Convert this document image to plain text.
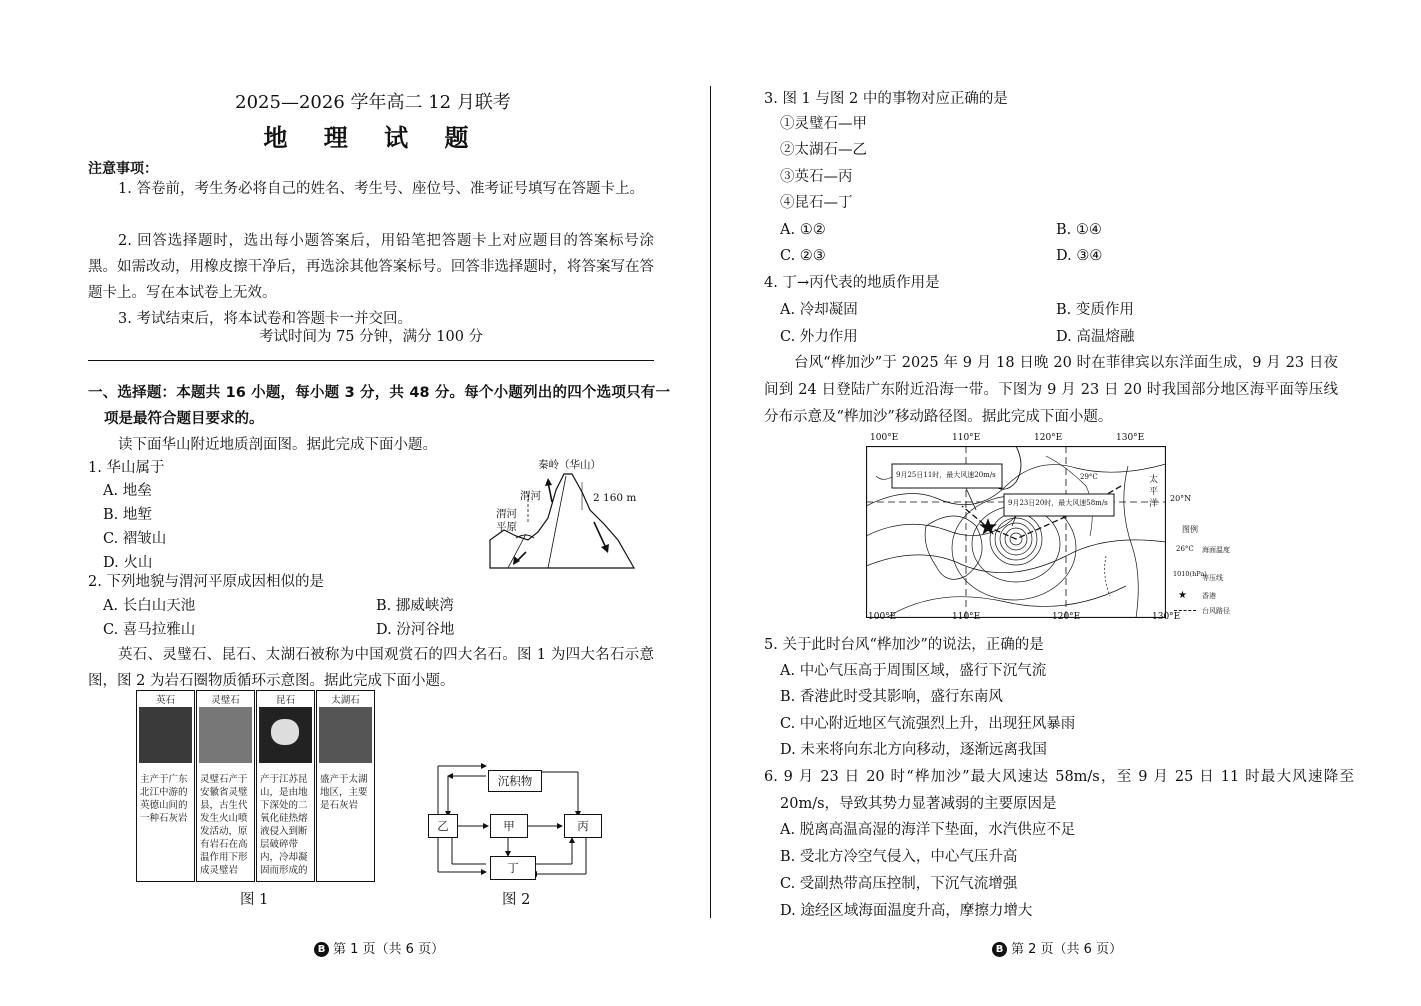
2025—2026 学年高二 12 月联考
地 理 试 题
注意事项：
1. 答卷前，考生务必将自己的姓名、考生号、座位号、准考证号填写在答题卡上。
2. 回答选择题时，选出每小题答案后，用铅笔把答题卡上对应题目的答案标号涂黑。如需改动，用橡皮擦干净后，再选涂其他答案标号。回答非选择题时，将答案写在答题卡上。写在本试卷上无效。
3. 考试结束后，将本试卷和答题卡一并交回。
考试时间为 75 分钟，满分 100 分
一、选择题：本题共 16 小题，每小题 3 分，共 48 分。每个小题列出的四个选项只有一项是最符合题目要求的。
读下面华山附近地质剖面图。据此完成下面小题。
1. 华山属于
A. 地垒
B. 地堑
C. 褶皱山
D. 火山
秦岭（华山）
渭河
渭河
平原
2 160 m
2. 下列地貌与渭河平原成因相似的是
A. 长白山天池	B. 挪威峡湾
C. 喜马拉雅山	D. 汾河谷地
英石、灵璧石、昆石、太湖石被称为中国观赏石的四大名石。图 1 为四大名石示意图，图 2 为岩石圈物质循环示意图。据此完成下面小题。
英石
主产于广东北江中游的英德山间的一种石灰岩
灵璧石
灵璧石产于安徽省灵璧县，古生代发生火山喷发活动，原有岩石在高温作用下形成灵璧岩
昆石
产于江苏昆山，是由地下深处的二氧化硅热熔液侵入到断层破碎带内，冷却凝固而形成的
太湖石
盛产于太湖地区，主要是石灰岩
图 1
沉积物
乙	甲	丙
丁
图 2
B 第 1 页（共 6 页）
3. 图 1 与图 2 中的事物对应正确的是
①灵璧石—甲
②太湖石—乙
③英石—丙
④昆石—丁
A. ①②	B. ①④
C. ②③	D. ③④
4. 丁→丙代表的地质作用是
A. 冷却凝固	B. 变质作用
C. 外力作用	D. 高温熔融
台风“桦加沙”于 2025 年 9 月 18 日晚 20 时在菲律宾以东洋面生成，9 月 23 日夜间到 24 日登陆广东附近沿海一带。下图为 9 月 23 日 20 时我国部分地区海平面等压线分布示意及“桦加沙”移动路径图。据此完成下面小题。
100°E	110°E	120°E	130°E
100°E	110°E	120°E	130°E
20°N
9月25日11时，最大风速20m/s
9月23日20时，最大风速58m/s
29°C	太
平
洋
图例
26°C 海面温度
1010(hPa)
等压线
★ 香港
台风路径
5. 关于此时台风“桦加沙”的说法，正确的是
A. 中心气压高于周围区域，盛行下沉气流
B. 香港此时受其影响，盛行东南风
C. 中心附近地区气流强烈上升，出现狂风暴雨
D. 未来将向东北方向移动，逐渐远离我国
6. 9 月 23 日 20 时“桦加沙”最大风速达 58m/s，至 9 月 25 日 11 时最大风速降至 20m/s，导致其势力显著减弱的主要原因是
A. 脱离高温高湿的海洋下垫面，水汽供应不足
B. 受北方冷空气侵入，中心气压升高
C. 受副热带高压控制，下沉气流增强
D. 途经区域海面温度升高，摩擦力增大
B 第 2 页（共 6 页）
